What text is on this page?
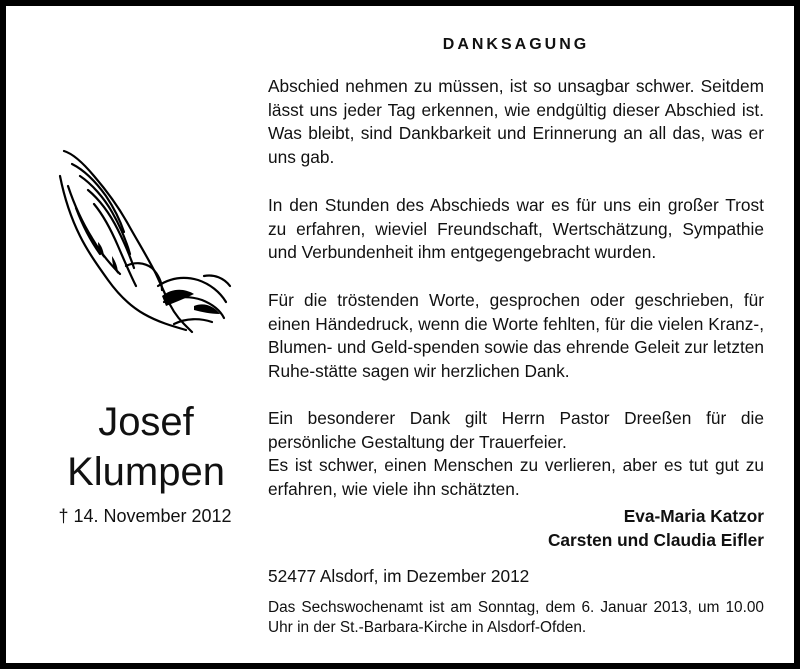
Josef
Klumpen
† 14. November 2012
DANKSAGUNG
Abschied nehmen zu müssen, ist so unsagbar schwer. Seitdem lässt uns jeder Tag erkennen, wie endgültig dieser Abschied ist. Was bleibt, sind Dankbarkeit und Erinnerung an all das, was er uns gab.
In den Stunden des Abschieds war es für uns ein großer Trost zu erfahren, wieviel Freundschaft, Wertschätzung, Sympathie und Verbundenheit ihm entgegengebracht wurden.
Für die tröstenden Worte, gesprochen oder geschrieben, für einen Händedruck, wenn die Worte fehlten, für die vielen Kranz-, Blumen- und Geld-spenden sowie das ehrende Geleit zur letzten Ruhe-stätte sagen wir herzlichen Dank.
Ein besonderer Dank gilt Herrn Pastor Dreeßen für die persönliche Gestaltung der Trauerfeier.
Es ist schwer, einen Menschen zu verlieren, aber es tut gut zu erfahren, wie viele ihn schätzten.
Eva-Maria Katzor
Carsten und Claudia Eifler
52477 Alsdorf, im Dezember 2012
Das Sechswochenamt ist am Sonntag, dem 6. Januar 2013, um 10.00 Uhr in der St.-Barbara-Kirche in Alsdorf-Ofden.
